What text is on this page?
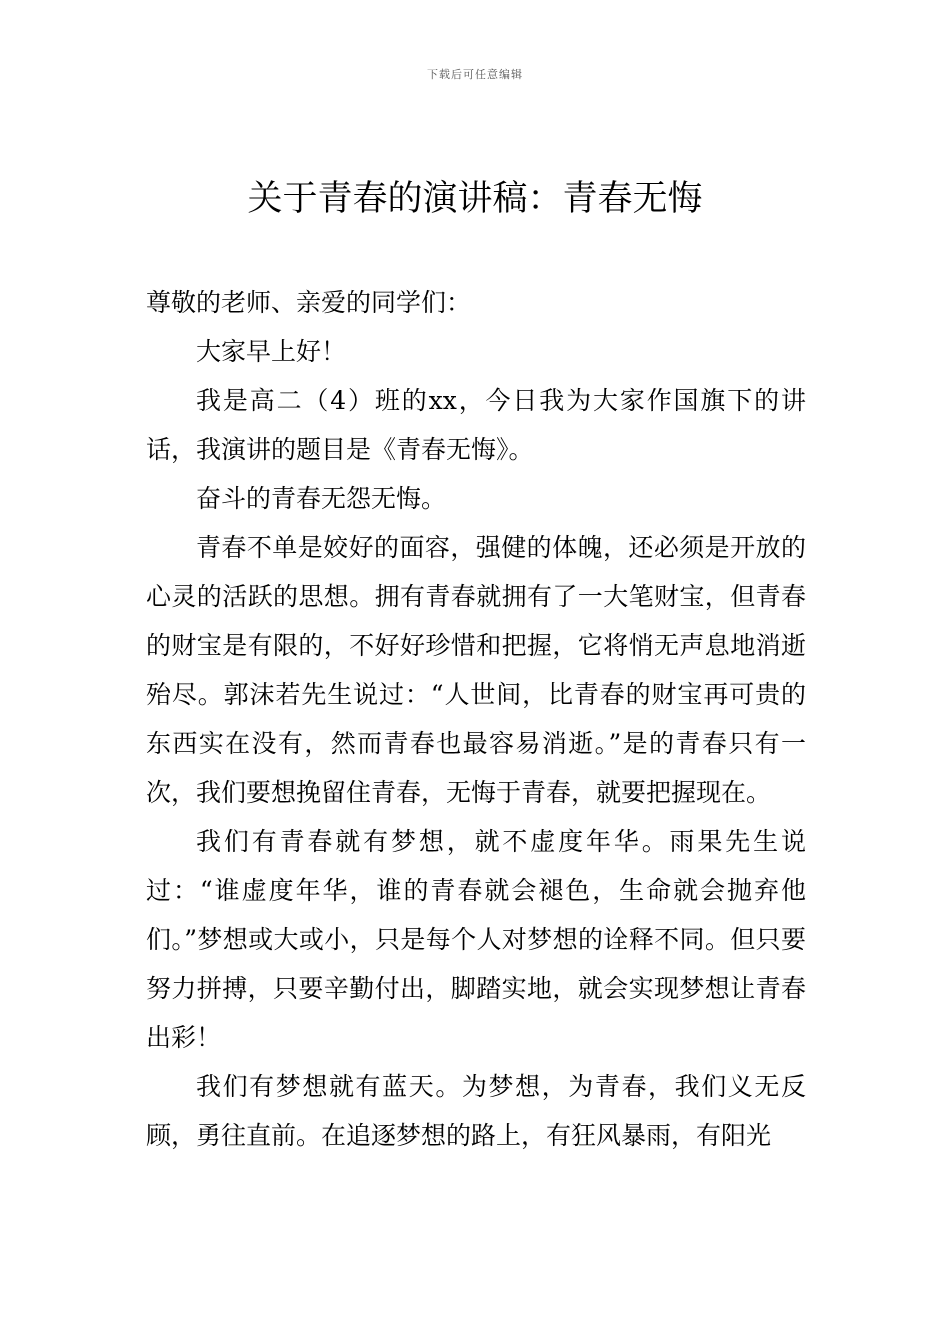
下载后可任意编辑
关于青春的演讲稿：青春无悔

尊敬的老师、亲爱的同学们：

大家早上好！

我是高二（4）班的xx，今日我为大家作国旗下的讲话，我演讲的题目是《青春无悔》。

奋斗的青春无怨无悔。

青春不单是姣好的面容，强健的体魄，还必须是开放的心灵的活跃的思想。拥有青春就拥有了一大笔财宝，但青春的财宝是有限的，不好好珍惜和把握，它将悄无声息地消逝殆尽。郭沫若先生说过：“人世间，比青春的财宝再可贵的东西实在没有，然而青春也最容易消逝。”是的青春只有一次，我们要想挽留住青春，无悔于青春，就要把握现在。

我们有青春就有梦想，就不虚度年华。雨果先生说过：“谁虚度年华，谁的青春就会褪色，生命就会抛弃他们。”梦想或大或小，只是每个人对梦想的诠释不同。但只要努力拼搏，只要辛勤付出，脚踏实地，就会实现梦想让青春出彩！

我们有梦想就有蓝天。为梦想，为青春，我们义无反顾，勇往直前。在追逐梦想的路上，有狂风暴雨，有阳光
